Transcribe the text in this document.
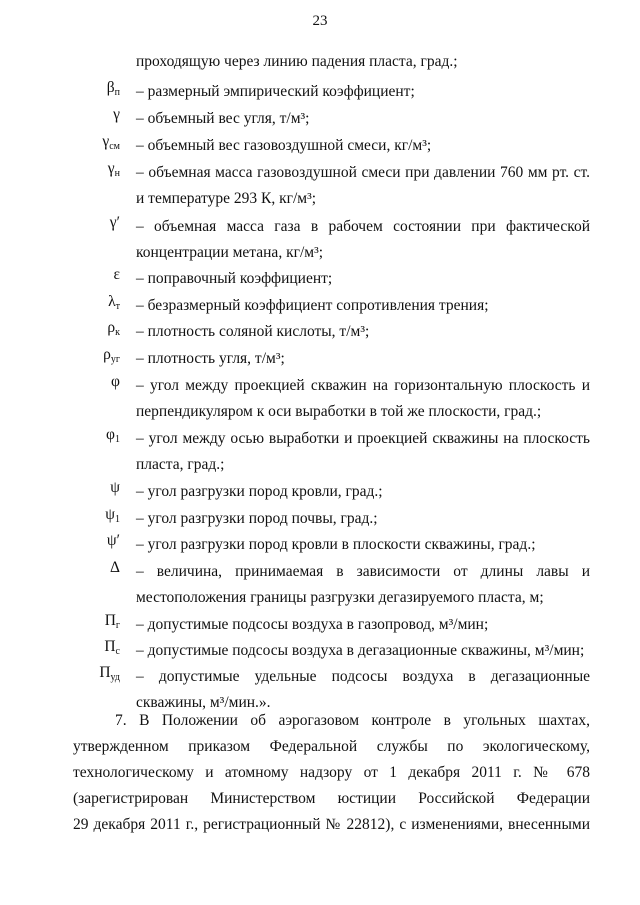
23
проходящую через линию падения пласта, град.;
$\beta_п$ – размерный эмпирический коэффициент;
γ – объемный вес угля, т/м³;
$\gamma_{см}$ – объемный вес газовоздушной смеси, кг/м³;
$\gamma_н$ – объемная масса газовоздушной смеси при давлении 760 мм рт. ст. и температуре 293 К, кг/м³;
γ′ – объемная масса газа в рабочем состоянии при фактической концентрации метана, кг/м³;
ε – поправочный коэффициент;
$\lambda_т$ – безразмерный коэффициент сопротивления трения;
$\rho_к$ – плотность соляной кислоты, т/м³;
$\rho_{уг}$ – плотность угля, т/м³;
φ – угол между проекцией скважин на горизонтальную плоскость и перпендикуляром к оси выработки в той же плоскости, град.;
$\varphi_1$ – угол между осью выработки и проекцией скважины на плоскость пласта, град.;
ψ – угол разгрузки пород кровли, град.;
$\psi_1$ – угол разгрузки пород почвы, град.;
ψ′ – угол разгрузки пород кровли в плоскости скважины, град.;
Δ – величина, принимаемая в зависимости от длины лавы и местоположения границы разгрузки дегазируемого пласта, м;
$П_г$ – допустимые подсосы воздуха в газопровод, м³/мин;
$П_с$ – допустимые подсосы воздуха в дегазационные скважины, м³/мин;
$П_{уд}$ – допустимые удельные подсосы воздуха в дегазационные скважины, м³/мин.».
7. В Положении об аэрогазовом контроле в угольных шахтах,
утвержденном приказом Федеральной службы по экологическому,
технологическому и атомному надзору от 1 декабря 2011 г. № 678
(зарегистрирован Министерством юстиции Российской Федерации
29 декабря 2011 г., регистрационный № 22812), с изменениями, внесенными
